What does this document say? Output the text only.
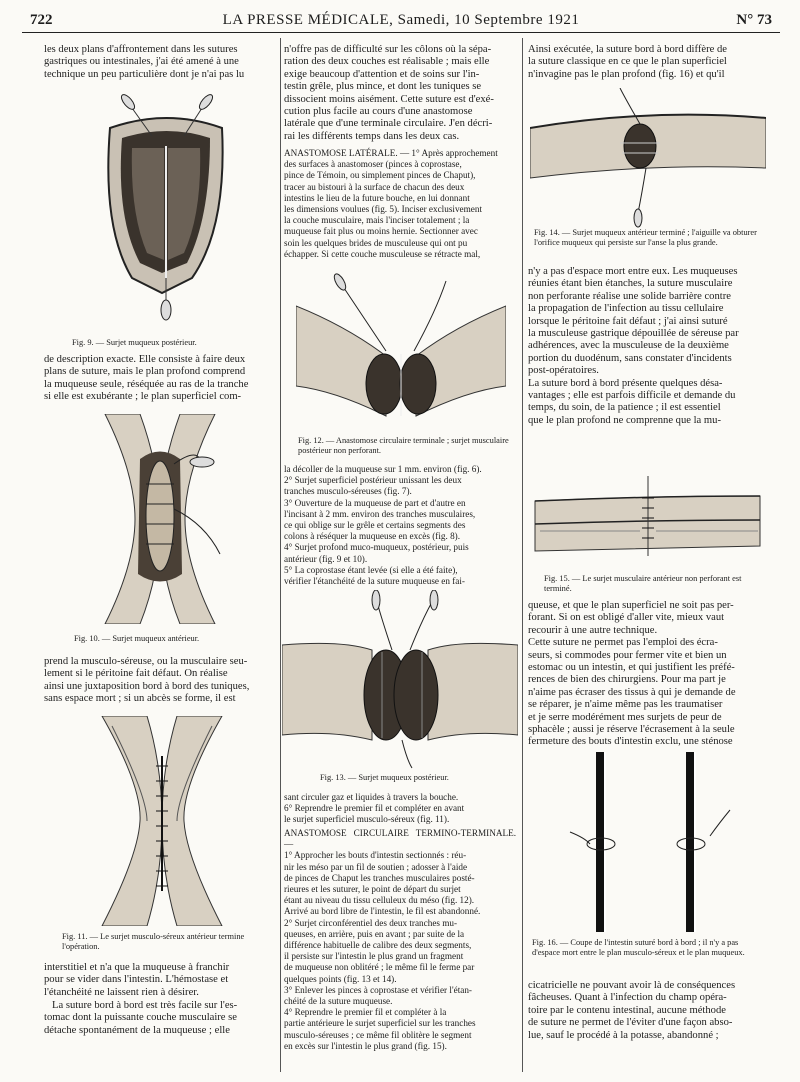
722	LA PRESSE MÉDICALE, Samedi, 10 Septembre 1921	N° 73

les deux plans d'affrontement dans les sutures
gastriques ou intestinales, j'ai été amené à une
technique un peu particulière dont je n'ai pas lu

Fig. 9. — Surjet muqueux postérieur.

de description exacte. Elle consiste à faire deux
plans de suture, mais le plan profond comprend
la muqueuse seule, réséquée au ras de la tranche
si elle est exubérante ; le plan superficiel com-

Fig. 10. — Surjet muqueux antérieur.

prend la musculo-séreuse, ou la musculaire seu-
lement si le péritoine fait défaut. On réalise
ainsi une juxtaposition bord à bord des tuniques,
sans espace mort ; si un abcès se forme, il est

Fig. 11. — Le surjet musculo-séreux antérieur termine l'opération.

interstitiel et n'a que la muqueuse à franchir
pour se vider dans l'intestin. L'hémostase et
l'étanchéité ne laissent rien à désirer.

La suture bord à bord est très facile sur l'es-
tomac dont la puissante couche musculaire se
détache spontanément de la muqueuse ; elle

n'offre pas de difficulté sur les côlons où la sépa-
ration des deux couches est réalisable ; mais elle
exige beaucoup d'attention et de soins sur l'in-
testin grêle, plus mince, et dont les tuniques se
dissocient moins aisément. Cette suture est d'exé-
cution plus facile au cours d'une anastomose
latérale que d'une terminale circulaire. J'en décri-
rai les différents temps dans les deux cas.

ANASTOMOSE LATÉRALE. — 1° Après approchement
des surfaces à anastomoser (pinces à coprostase,
pince de Témoin, ou simplement pinces de Chaput),
tracer au bistouri à la surface de chacun des deux
intestins le lieu de la future bouche, en lui donnant
les dimensions voulues (fig. 5). Inciser exclusivement
la couche musculaire, mais l'inciser totalement ; la
muqueuse fait plus ou moins hernie. Sectionner avec
soin les quelques brides de musculeuse qui ont pu
échapper. Si cette couche musculeuse se rétracte mal,

Fig. 12. — Anastomose circulaire terminale ; surjet musculaire postérieur non perforant.

la décoller de la muqueuse sur 1 mm. environ (fig. 6).
2° Surjet superficiel postérieur unissant les deux
tranches musculo-séreuses (fig. 7).
3° Ouverture de la muqueuse de part et d'autre en
l'incisant à 2 mm. environ des tranches musculaires,
ce qui oblige sur le grêle et certains segments des
colons à réséquer la muqueuse en excès (fig. 8).
4° Surjet profond muco-muqueux, postérieur, puis
antérieur (fig. 9 et 10).
5° La coprostase étant levée (si elle a été faite),
vérifier l'étanchéité de la suture muqueuse en fai-

Fig. 13. — Surjet muqueux postérieur.

sant circuler gaz et liquides à travers la bouche.
6° Reprendre le premier fil et compléter en avant
le surjet superficiel musculo-séreux (fig. 11).

ANASTOMOSE CIRCULAIRE TERMINO-TERMINALE. —
1° Approcher les bouts d'intestin sectionnés : réu-
nir les méso par un fil de soutien ; adosser à l'aide
de pinces de Chaput les tranches musculaires posté-
rieures et les suturer, le point de départ du surjet
étant au niveau du tissu celluleux du méso (fig. 12).
Arrivé au bord libre de l'intestin, le fil est abandonné.
2° Surjet circonférentiel des deux tranches mu-
queuses, en arrière, puis en avant ; par suite de la
différence habituelle de calibre des deux segments,
il persiste sur l'intestin le plus grand un fragment
de muqueuse non oblitéré ; le même fil le ferme par
quelques points (fig. 13 et 14).
3° Enlever les pinces à coprostase et vérifier l'étan-
chéité de la suture muqueuse.
4° Reprendre le premier fil et compléter à la
partie antérieure le surjet superficiel sur les tranches
musculo-séreuses ; ce même fil oblitère le segment
en excès sur l'intestin le plus grand (fig. 15).

Ainsi exécutée, la suture bord à bord diffère de
la suture classique en ce que le plan superficiel
n'invagine pas le plan profond (fig. 16) et qu'il

Fig. 14. — Surjet muqueux antérieur terminé ; l'aiguille va obturer l'orifice muqueux qui persiste sur l'anse la plus grande.

n'y a pas d'espace mort entre eux. Les muqueuses
réunies étant bien étanches, la suture musculaire
non perforante réalise une solide barrière contre
la propagation de l'infection au tissu cellulaire
lorsque le péritoine fait défaut ; j'ai ainsi suturé
la musculeuse gastrique dépouillée de séreuse par
adhérences, avec la musculeuse de la deuxième
portion du duodénum, sans constater d'incidents
post-opératoires.
La suture bord à bord présente quelques désa-
vantages ; elle est parfois difficile et demande du
temps, du soin, de la patience ; il est essentiel
que le plan profond ne comprenne que la mu-

Fig. 15. — Le surjet musculaire antérieur non perforant est terminé.

queuse, et que le plan superficiel ne soit pas per-
forant. Si on est obligé d'aller vite, mieux vaut
recourir à une autre technique.
Cette suture ne permet pas l'emploi des écra-
seurs, si commodes pour fermer vite et bien un
estomac ou un intestin, et qui justifient les préfé-
rences de bien des chirurgiens. Pour ma part je
n'aime pas écraser des tissus à qui je demande de
se réparer, je n'aime même pas les traumatiser
et je serre modérément mes surjets de peur de
sphacèle ; aussi je réserve l'écrasement à la seule
fermeture des bouts d'intestin exclu, une sténose

Fig. 16. — Coupe de l'intestin suturé bord à bord ; il n'y a pas d'espace mort entre le plan musculo-séreux et le plan muqueux.

cicatricielle ne pouvant avoir là de conséquences
fâcheuses. Quant à l'infection du champ opéra-
toire par le contenu intestinal, aucune méthode
de suture ne permet de l'éviter d'une façon abso-
lue, sauf le procédé à la potasse, abandonné ;
